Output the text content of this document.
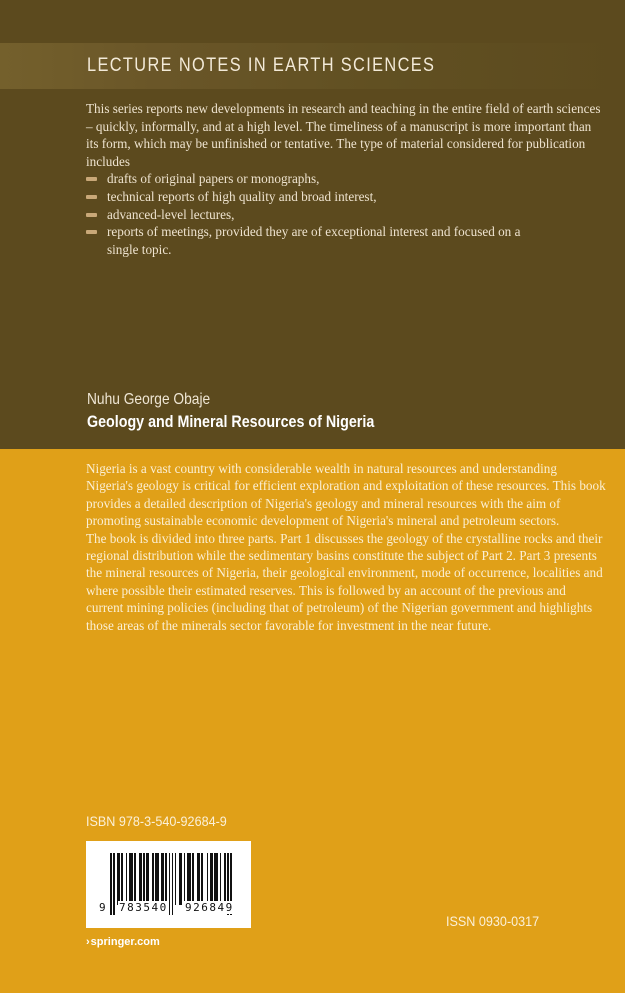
LECTURE NOTES IN EARTH SCIENCES

This series reports new developments in research and teaching in the entire field of earth sciences – quickly, informally, and at a high level. The timeliness of a manuscript is more important than its form, which may be unfinished or tentative. The type of material considered for publication includes

drafts of original papers or monographs,
technical reports of high quality and broad interest,
advanced-level lectures,
reports of meetings, provided they are of exceptional interest and focused on a single topic.
Nuhu George Obaje
Geology and Mineral Resources of Nigeria

Nigeria is a vast country with considerable wealth in natural resources and understanding Nigeria's geology is critical for efficient exploration and exploitation of these resources. This book provides a detailed description of Nigeria's geology and mineral resources with the aim of promoting sustainable economic development of Nigeria's mineral and petroleum sectors.

The book is divided into three parts. Part 1 discusses the geology of the crystalline rocks and their regional distribution while the sedimentary basins constitute the subject of Part 2. Part 3 presents the mineral resources of Nigeria, their geological environment, mode of occurrence, localities and where possible their estimated reserves. This is followed by an account of the previous and current mining policies (including that of petroleum) of the Nigerian government and highlights those areas of the minerals sector favorable for investment in the near future.

ISBN 978-3-540-92684-9
9 783540 926849
›springer.com
ISSN 0930-0317
